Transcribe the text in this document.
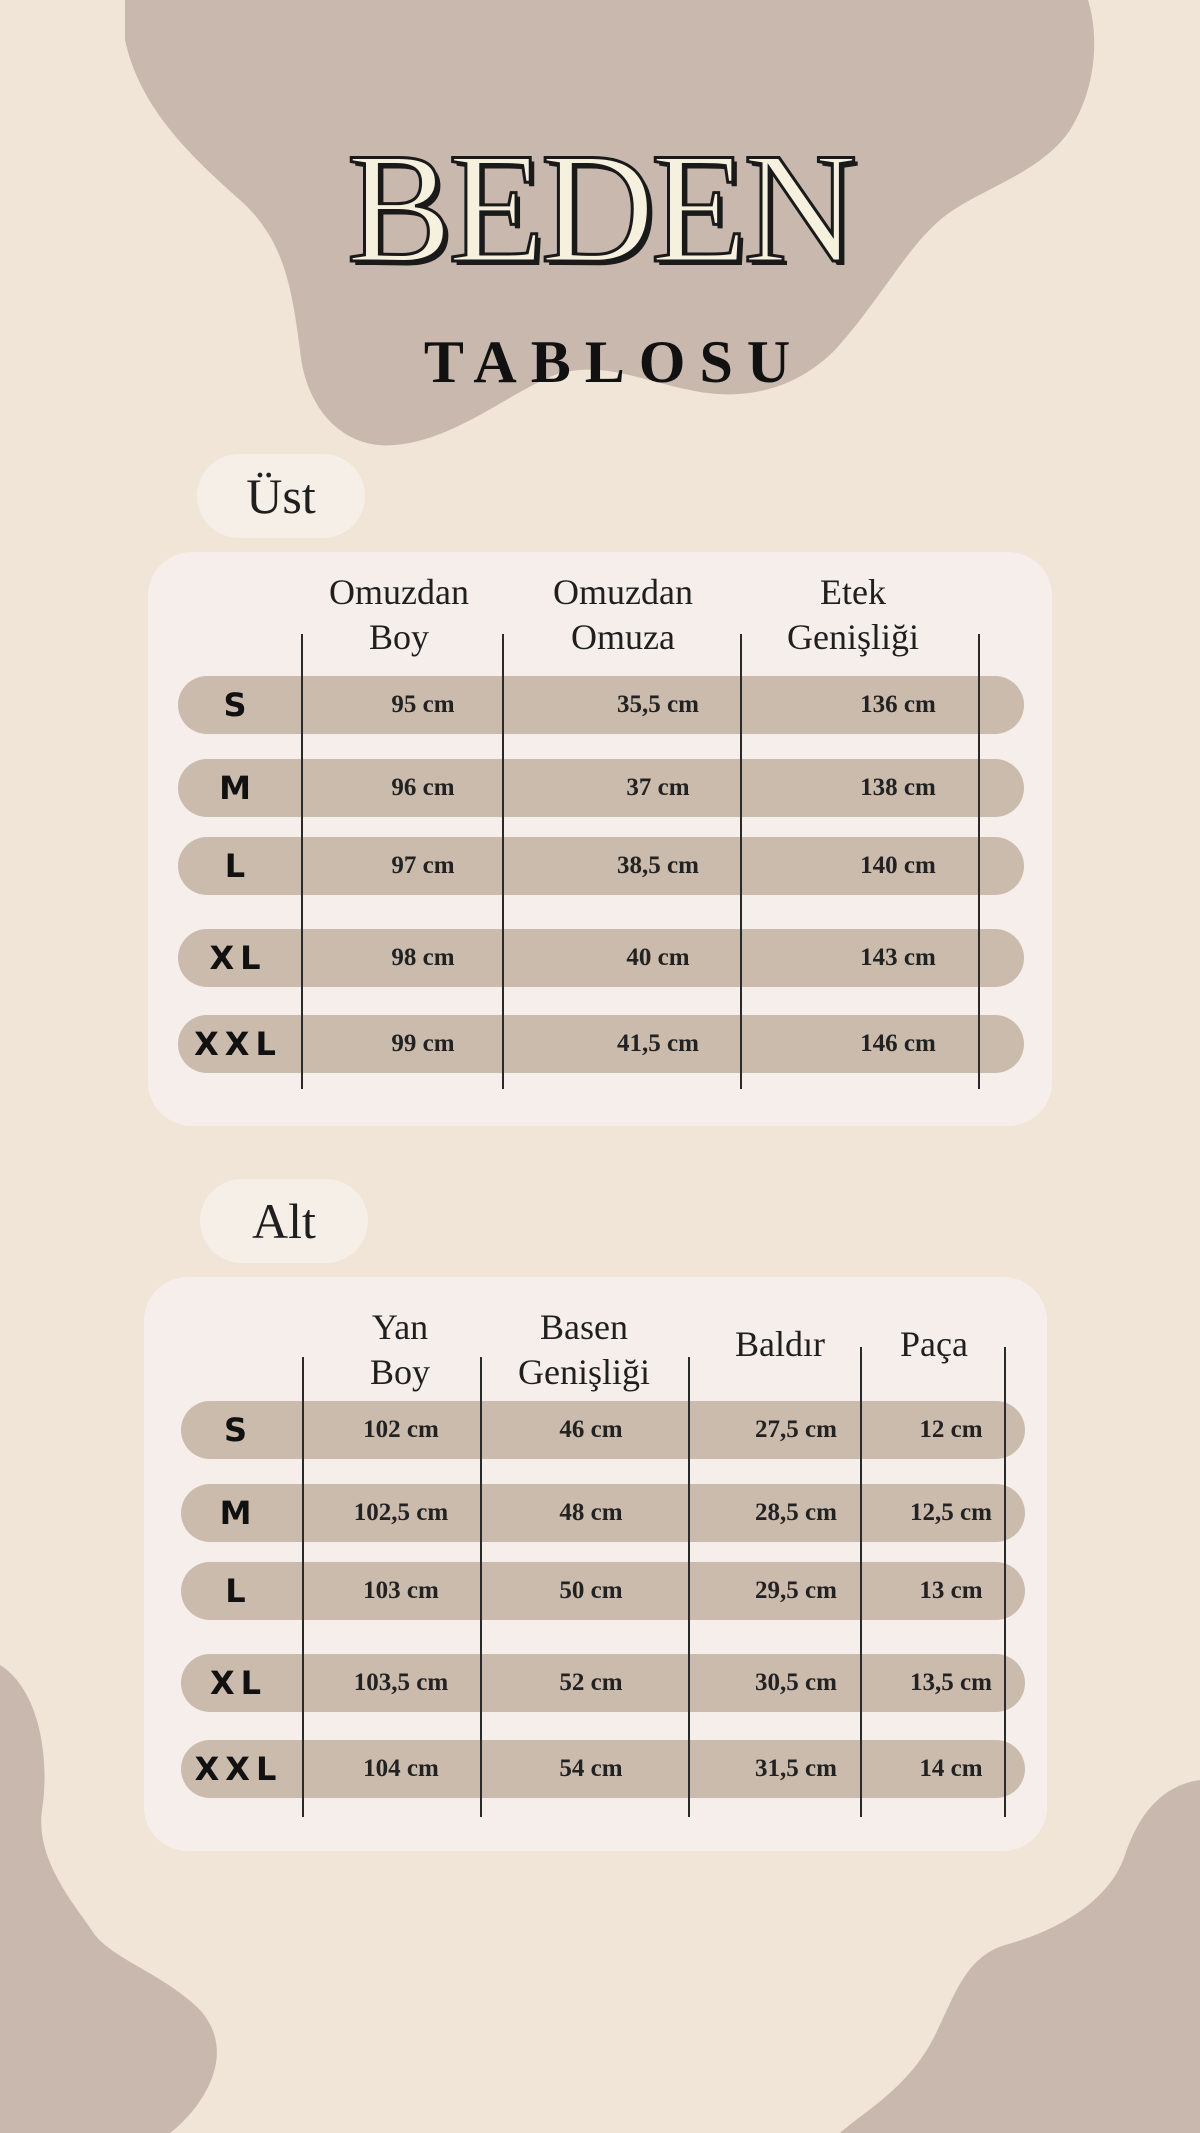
BEDEN
TABLOSU
Üst
Omuzdan
Boy
Omuzdan
Omuza
Etek
Genişliği
S	95 cm	35,5 cm	136 cm
M	96 cm	37 cm	138 cm
L	97 cm	38,5 cm	140 cm
XL	98 cm	40 cm	143 cm
XXL	99 cm	41,5 cm	146 cm
Alt
Yan
Boy
Basen
Genişliği
Baldır	Paça
S	102 cm	46 cm	27,5 cm	12 cm
M	102,5 cm	48 cm	28,5 cm	12,5 cm
L	103 cm	50 cm	29,5 cm	13 cm
XL	103,5 cm	52 cm	30,5 cm	13,5 cm
XXL	104 cm	54 cm	31,5 cm	14 cm
